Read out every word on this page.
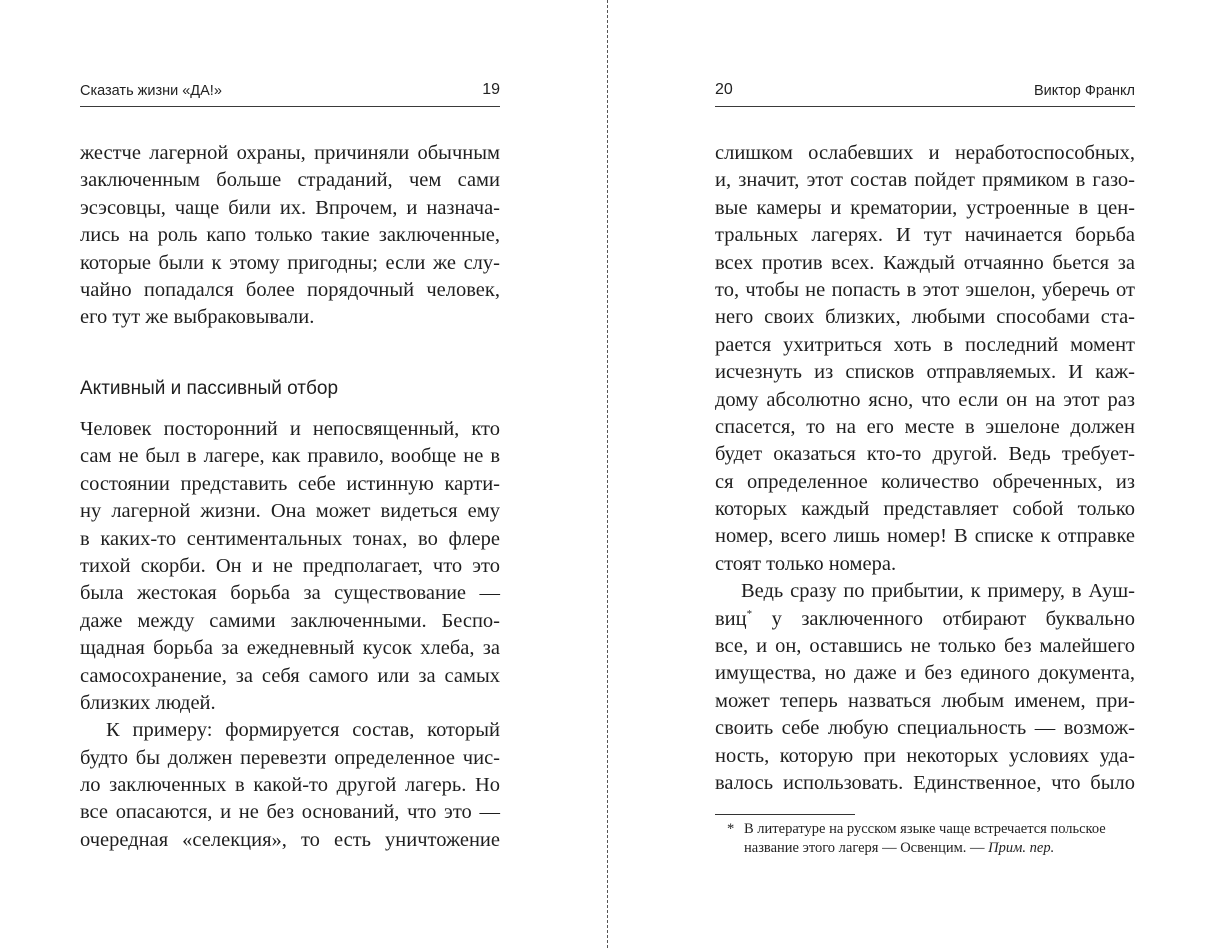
Сказать жизни «ДА!»	19
жестче лагерной охраны, причиняли обычным
заключенным больше страданий, чем сами
эсэсовцы, чаще били их. Впрочем, и назнача-
лись на роль капо только такие заключенные,
которые были к этому пригодны; если же слу-
чайно попадался более порядочный человек,
его тут же выбраковывали.
Активный и пассивный отбор
Человек посторонний и непосвященный, кто
сам не был в лагере, как правило, вообще не в
состоянии представить себе истинную карти-
ну лагерной жизни. Она может видеться ему
в каких-то сентиментальных тонах, во флере
тихой скорби. Он и не предполагает, что это
была жестокая борьба за существование —
даже между самими заключенными. Беспо-
щадная борьба за ежедневный кусок хлеба, за
самосохранение, за себя самого или за самых
близких людей.
К примеру: формируется состав, который
будто бы должен перевезти определенное чис-
ло заключенных в какой-то другой лагерь. Но
все опасаются, и не без оснований, что это —
очередная «селекция», то есть уничтожение
20	Виктор Франкл
слишком ослабевших и неработоспособных,
и, значит, этот состав пойдет прямиком в газо-
вые камеры и крематории, устроенные в цен-
тральных лагерях. И тут начинается борьба
всех против всех. Каждый отчаянно бьется за
то, чтобы не попасть в этот эшелон, уберечь от
него своих близких, любыми способами ста-
рается ухитриться хоть в последний момент
исчезнуть из списков отправляемых. И каж-
дому абсолютно ясно, что если он на этот раз
спасется, то на его месте в эшелоне должен
будет оказаться кто-то другой. Ведь требует-
ся определенное количество обреченных, из
которых каждый представляет собой только
номер, всего лишь номер! В списке к отправке
стоят только номера.
Ведь сразу по прибытии, к примеру, в Ауш-
виц* у заключенного отбирают буквально
все, и он, оставшись не только без малейшего
имущества, но даже и без единого документа,
может теперь назваться любым именем, при-
своить себе любую специальность — возмож-
ность, которую при некоторых условиях уда-
валось использовать. Единственное, что было
* В литературе на русском языке чаще встречается польское
название этого лагеря — Освенцим. — Прим. пер.
